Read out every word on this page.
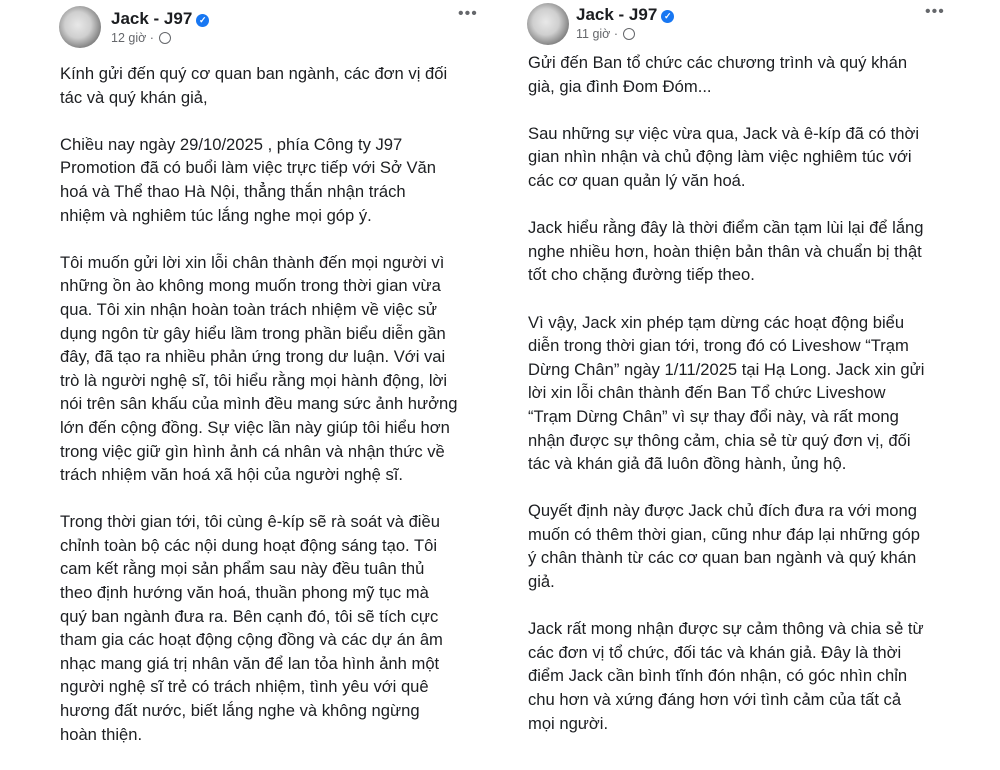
Jack - J97 ✓
12 giờ ·
•••
Kính gửi đến quý cơ quan ban ngành, các đơn vị đối
tác và quý khán giả,
Chiều nay ngày 29/10/2025 , phía Công ty J97
Promotion đã có buổi làm việc trực tiếp với Sở Văn
hoá và Thể thao Hà Nội, thẳng thắn nhận trách
nhiệm và nghiêm túc lắng nghe mọi góp ý.
Tôi muốn gửi lời xin lỗi chân thành đến mọi người vì
những ồn ào không mong muốn trong thời gian vừa
qua. Tôi xin nhận hoàn toàn trách nhiệm về việc sử
dụng ngôn từ gây hiểu lầm trong phần biểu diễn gần
đây, đã tạo ra nhiều phản ứng trong dư luận. Với vai
trò là người nghệ sĩ, tôi hiểu rằng mọi hành động, lời
nói trên sân khấu của mình đều mang sức ảnh hưởng
lớn đến cộng đồng. Sự việc lần này giúp tôi hiểu hơn
trong việc giữ gìn hình ảnh cá nhân và nhận thức về
trách nhiệm văn hoá xã hội của người nghệ sĩ.
Trong thời gian tới, tôi cùng ê-kíp sẽ rà soát và điều
chỉnh toàn bộ các nội dung hoạt động sáng tạo. Tôi
cam kết rằng mọi sản phẩm sau này đều tuân thủ
theo định hướng văn hoá, thuần phong mỹ tục mà
quý ban ngành đưa ra. Bên cạnh đó, tôi sẽ tích cực
tham gia các hoạt động cộng đồng và các dự án âm
nhạc mang giá trị nhân văn để lan tỏa hình ảnh một
người nghệ sĩ trẻ có trách nhiệm, tình yêu với quê
hương đất nước, biết lắng nghe và không ngừng
hoàn thiện.
Jack - J97 ✓
11 giờ ·
•••
Gửi đến Ban tổ chức các chương trình và quý khán
già, gia đình Đom Đóm...
Sau những sự việc vừa qua, Jack và ê-kíp đã có thời
gian nhìn nhận và chủ động làm việc nghiêm túc với
các cơ quan quản lý văn hoá.
Jack hiểu rằng đây là thời điểm cần tạm lùi lại để lắng
nghe nhiều hơn, hoàn thiện bản thân và chuẩn bị thật
tốt cho chặng đường tiếp theo.
Vì vậy, Jack xin phép tạm dừng các hoạt động biểu
diễn trong thời gian tới, trong đó có Liveshow “Trạm
Dừng Chân” ngày 1/11/2025 tại Hạ Long. Jack xin gửi
lời xin lỗi chân thành đến Ban Tổ chức Liveshow
“Trạm Dừng Chân” vì sự thay đổi này, và rất mong
nhận được sự thông cảm, chia sẻ từ quý đơn vị, đối
tác và khán giả đã luôn đồng hành, ủng hộ.
Quyết định này được Jack chủ đích đưa ra với mong
muốn có thêm thời gian, cũng như đáp lại những góp
ý chân thành từ các cơ quan ban ngành và quý khán
giả.
Jack rất mong nhận được sự cảm thông và chia sẻ từ
các đơn vị tổ chức, đối tác và khán giả. Đây là thời
điểm Jack cần bình tĩnh đón nhận, có góc nhìn chỉn
chu hơn và xứng đáng hơn với tình cảm của tất cả
mọi người.
